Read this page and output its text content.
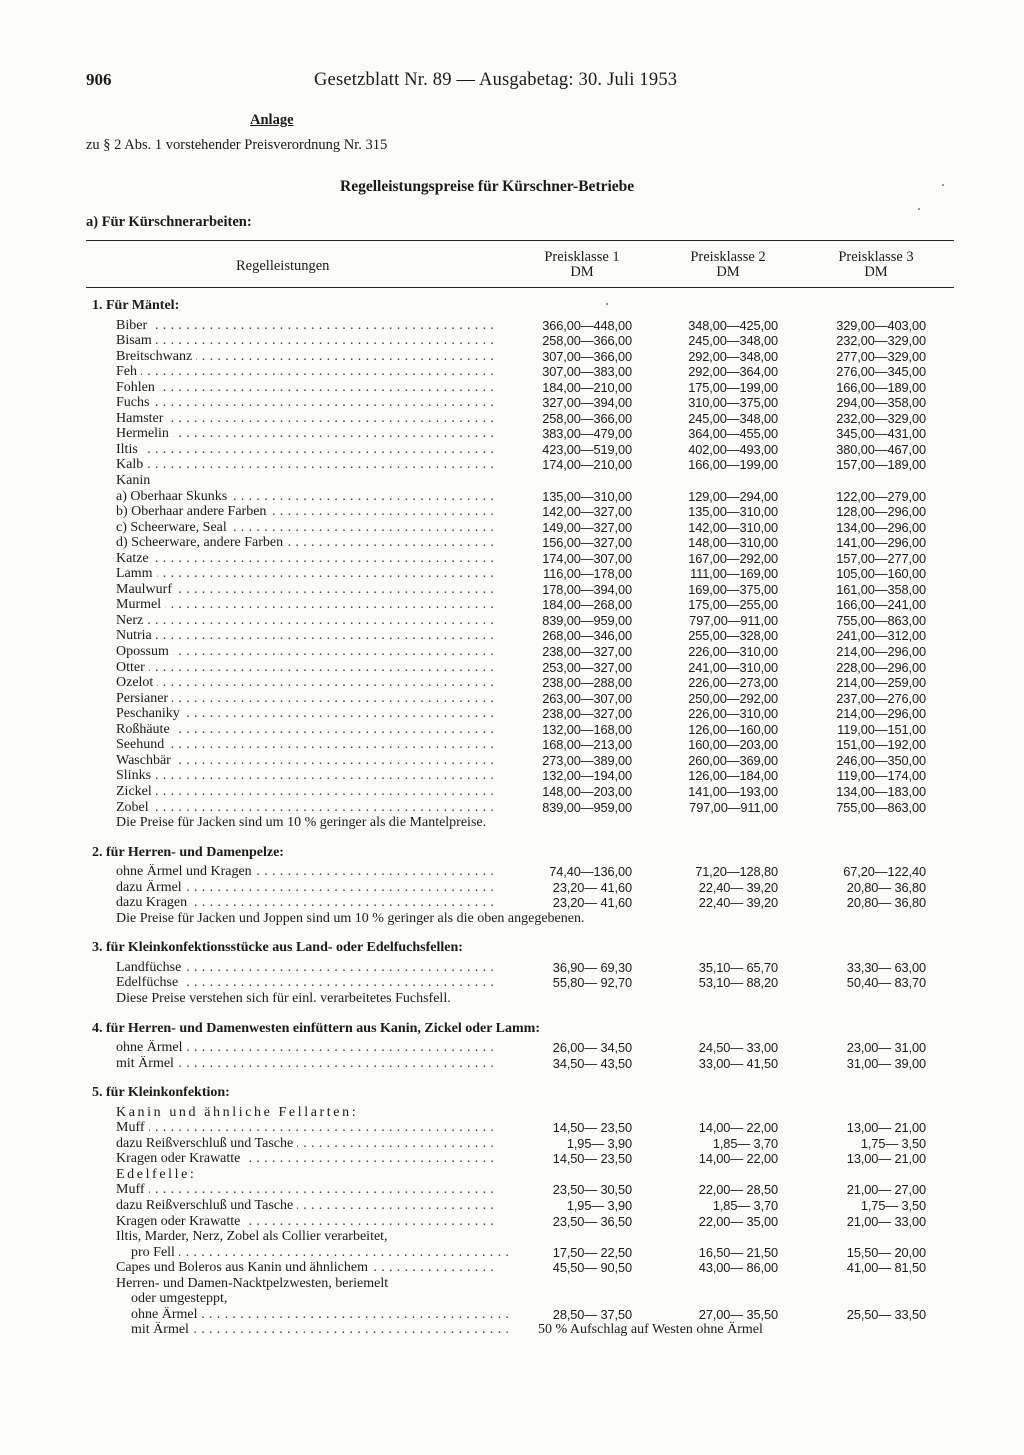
906	Gesetzblatt Nr. 89 — Ausgabetag: 30. Juli 1953
Anlage
zu § 2 Abs. 1 vorstehender Preisverordnung Nr. 315
Regelleistungspreise für Kürschner-Betriebe
a) Für Kürschnerarbeiten:
Regelleistungen
Preisklasse 1
DM
Preisklasse 2
DM
Preisklasse 3
DM
1. Für Mäntel:
Biber . . .	366,00—448,00	348,00—425,00	329,00—403,00
Bisam . . .	258,00—366,00	245,00—348,00	232,00—329,00
Breitschwanz . . .	307,00—366,00	292,00—348,00	277,00—329,00
Feh . . .	307,00—383,00	292,00—364,00	276,00—345,00
Fohlen . . .	184,00—210,00	175,00—199,00	166,00—189,00
Fuchs . . .	327,00—394,00	310,00—375,00	294,00—358,00
Hamster . . .	258,00—366,00	245,00—348,00	232,00—329,00
Hermelin . . .	383,00—479,00	364,00—455,00	345,00—431,00
Iltis . . .	423,00—519,00	402,00—493,00	380,00—467,00
Kalb . . .	174,00—210,00	166,00—199,00	157,00—189,00
Kanin
a) Oberhaar Skunks . . .	135,00—310,00	129,00—294,00	122,00—279,00
b) Oberhaar andere Farben . . .	142,00—327,00	135,00—310,00	128,00—296,00
c) Scheerware, Seal . . .	149,00—327,00	142,00—310,00	134,00—296,00
d) Scheerware, andere Farben . . .	156,00—327,00	148,00—310,00	141,00—296,00
Katze . . .	174,00—307,00	167,00—292,00	157,00—277,00
Lamm . . .	116,00—178,00	111,00—169,00	105,00—160,00
Maulwurf . . .	178,00—394,00	169,00—375,00	161,00—358,00
Murmel . . .	184,00—268,00	175,00—255,00	166,00—241,00
Nerz . . .	839,00—959,00	797,00—911,00	755,00—863,00
Nutria . . .	268,00—346,00	255,00—328,00	241,00—312,00
Opossum . . .	238,00—327,00	226,00—310,00	214,00—296,00
Otter . . .	253,00—327,00	241,00—310,00	228,00—296,00
Ozelot . . .	238,00—288,00	226,00—273,00	214,00—259,00
Persianer . . .	263,00—307,00	250,00—292,00	237,00—276,00
Peschaniky . . .	238,00—327,00	226,00—310,00	214,00—296,00
Roßhäute . . .	132,00—168,00	126,00—160,00	119,00—151,00
Seehund . . .	168,00—213,00	160,00—203,00	151,00—192,00
Waschbär . . .	273,00—389,00	260,00—369,00	246,00—350,00
Slinks . . .	132,00—194,00	126,00—184,00	119,00—174,00
Zickel . . .	148,00—203,00	141,00—193,00	134,00—183,00
Zobel . . .	839,00—959,00	797,00—911,00	755,00—863,00
Die Preise für Jacken sind um 10 % geringer als die Mantelpreise.
2. für Herren- und Damenpelze:
ohne Ärmel und Kragen . . .	74,40—136,00	71,20—128,80	67,20—122,40
dazu Ärmel . . .	23,20— 41,60	22,40— 39,20	20,80— 36,80
dazu Kragen . . .	23,20— 41,60	22,40— 39,20	20,80— 36,80
Die Preise für Jacken und Joppen sind um 10 % geringer als die oben angegebenen.
3. für Kleinkonfektionsstücke aus Land- oder Edelfuchsfellen:
Landfüchse . . .	36,90— 69,30	35,10— 65,70	33,30— 63,00
Edelfüchse . . .	55,80— 92,70	53,10— 88,20	50,40— 83,70
Diese Preise verstehen sich für einl. verarbeitetes Fuchsfell.
4. für Herren- und Damenwesten einfüttern aus Kanin, Zickel oder Lamm:
ohne Ärmel . . .	26,00— 34,50	24,50— 33,00	23,00— 31,00
mit Ärmel . . .	34,50— 43,50	33,00— 41,50	31,00— 39,00
5. für Kleinkonfektion:
Kanin und ähnliche Fellarten:
Muff . . .	14,50— 23,50	14,00— 22,00	13,00— 21,00
dazu Reißverschluß und Tasche . . .	1,95— 3,90	1,85— 3,70	1,75— 3,50
Kragen oder Krawatte . . .	14,50— 23,50	14,00— 22,00	13,00— 21,00
Edelfelle:
Muff . . .	23,50— 30,50	22,00— 28,50	21,00— 27,00
dazu Reißverschluß und Tasche . . .	1,95— 3,90	1,85— 3,70	1,75— 3,50
Kragen oder Krawatte . . .	23,50— 36,50	22,00— 35,00	21,00— 33,00
Iltis, Marder, Nerz, Zobel als Collier verarbeitet,
pro Fell . . .	17,50— 22,50	16,50— 21,50	15,50— 20,00
Capes und Boleros aus Kanin und ähnlichem . . .	45,50— 90,50	43,00— 86,00	41,00— 81,50
Herren- und Damen-Nacktpelzwesten, beriemelt
oder umgesteppt,
ohne Ärmel . . .	28,50— 37,50	27,00— 35,50	25,50— 33,50
mit Ärmel . . .	50 % Aufschlag auf Westen ohne Ärmel
